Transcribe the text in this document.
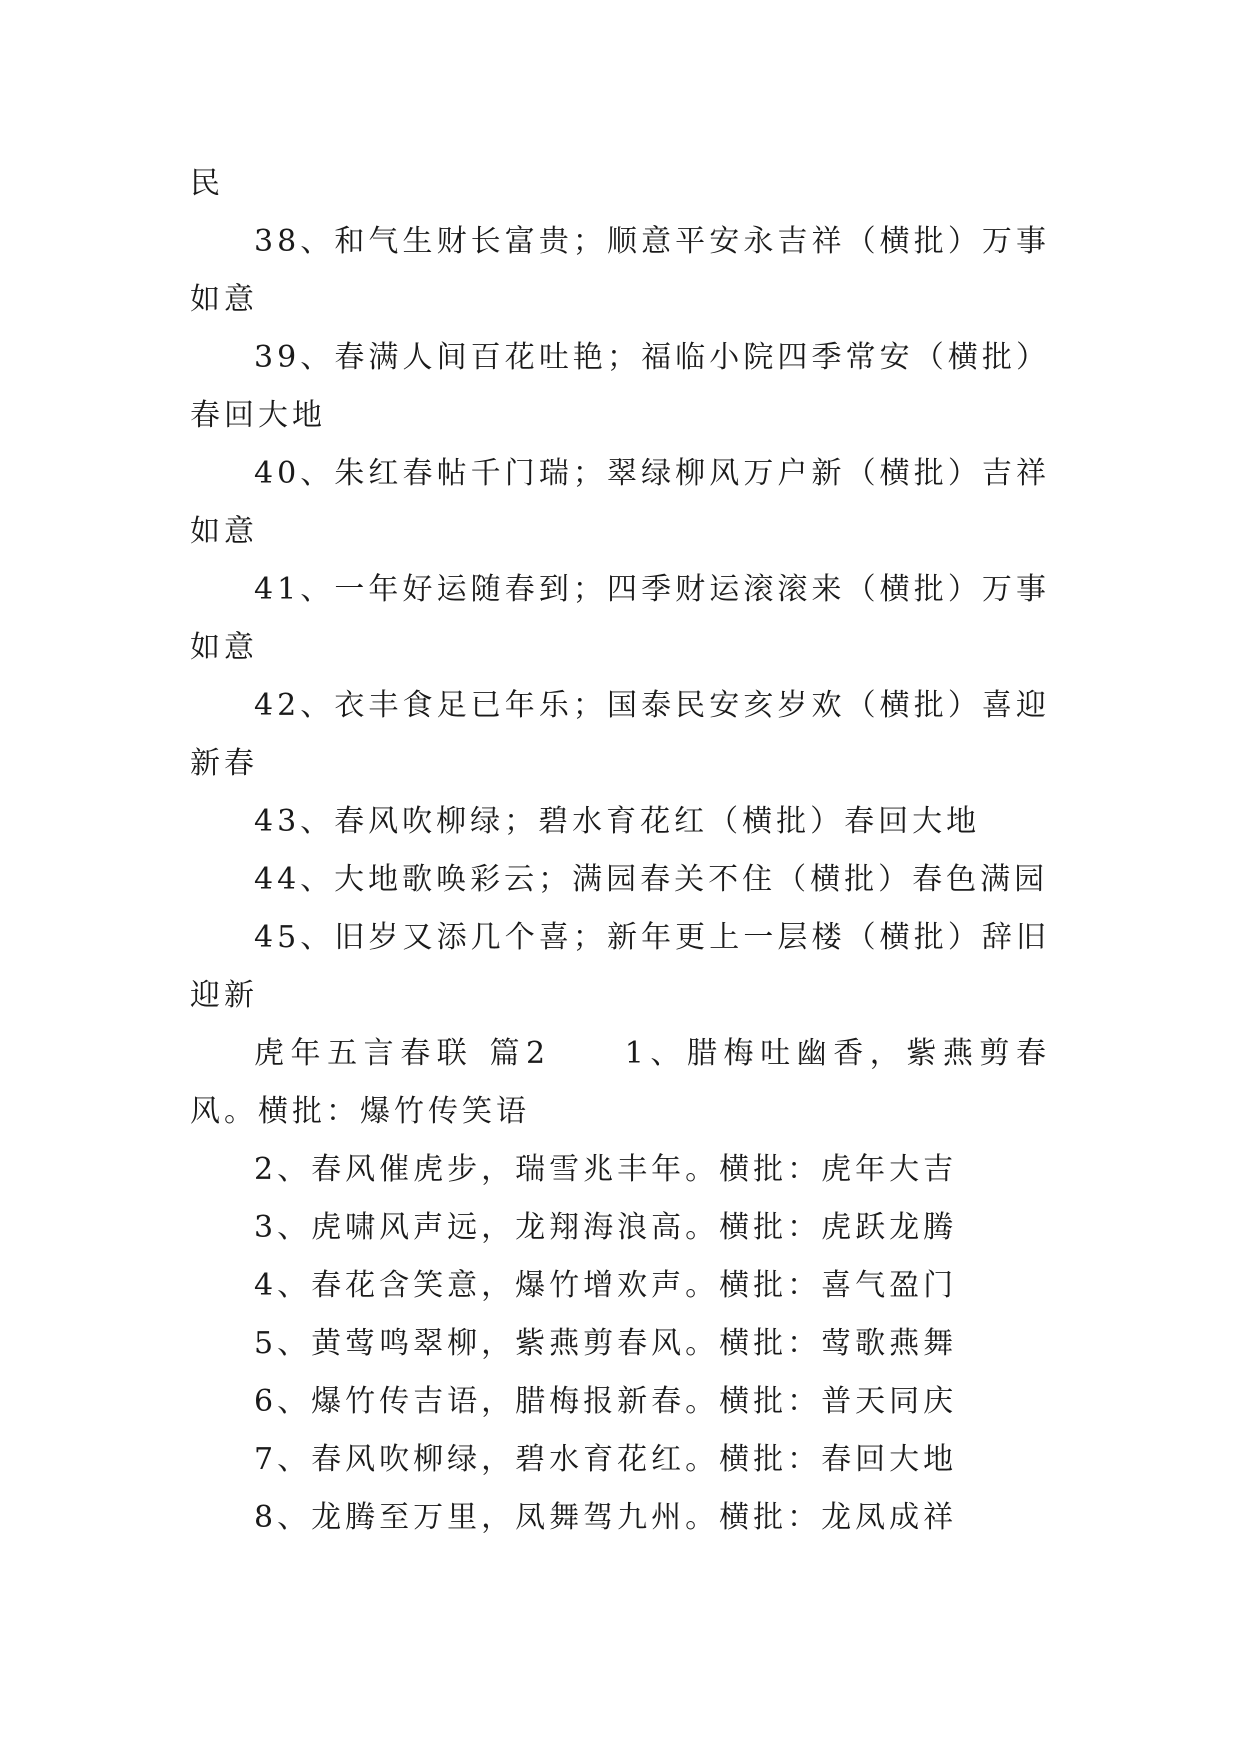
民

38、和气生财长富贵；顺意平安永吉祥（横批）万事如意

39、春满人间百花吐艳；福临小院四季常安（横批）春回大地

40、朱红春帖千门瑞；翠绿柳风万户新（横批）吉祥如意

41、一年好运随春到；四季财运滚滚来（横批）万事如意

42、衣丰食足已年乐；国泰民安亥岁欢（横批）喜迎新春

43、春风吹柳绿；碧水育花红（横批）春回大地

44、大地歌唤彩云；满园春关不住（横批）春色满园

45、旧岁又添几个喜；新年更上一层楼（横批）辞旧迎新

虎年五言春联 篇2　　1、腊梅吐幽香，紫燕剪春风。横批：爆竹传笑语

2、春风催虎步，瑞雪兆丰年。横批：虎年大吉

3、虎啸风声远，龙翔海浪高。横批：虎跃龙腾

4、春花含笑意，爆竹增欢声。横批：喜气盈门

5、黄莺鸣翠柳，紫燕剪春风。横批：莺歌燕舞

6、爆竹传吉语，腊梅报新春。横批：普天同庆

7、春风吹柳绿，碧水育花红。横批：春回大地

8、龙腾至万里，凤舞驾九州。横批：龙凤成祥
